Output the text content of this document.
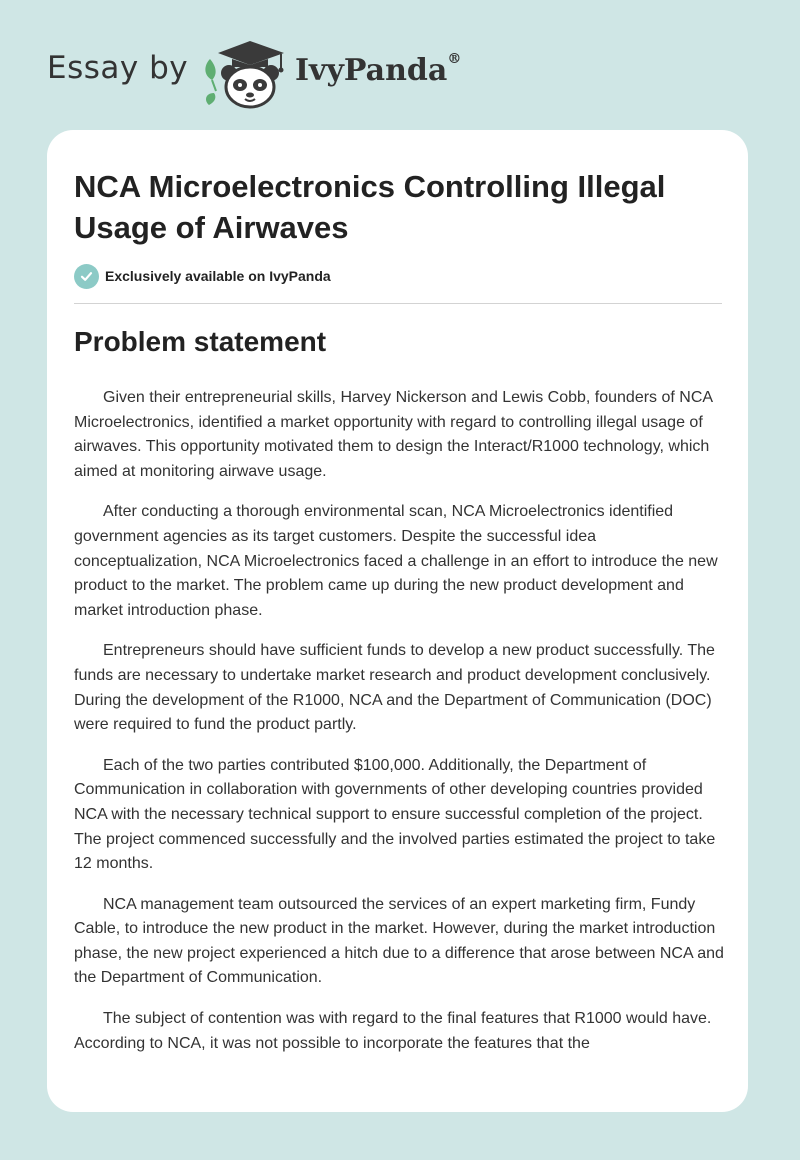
Essay by	IvyPanda®
NCA Microelectronics Controlling Illegal Usage of Airwaves
Exclusively available on IvyPanda
Problem statement

Given their entrepreneurial skills, Harvey Nickerson and Lewis Cobb, founders of NCA Microelectronics, identified a market opportunity with regard to controlling illegal usage of airwaves. This opportunity motivated them to design the Interact/R1000 technology, which aimed at monitoring airwave usage.

After conducting a thorough environmental scan, NCA Microelectronics identified government agencies as its target customers. Despite the successful idea conceptualization, NCA Microelectronics faced a challenge in an effort to introduce the new product to the market. The problem came up during the new product development and market introduction phase.

Entrepreneurs should have sufficient funds to develop a new product successfully. The funds are necessary to undertake market research and product development conclusively. During the development of the R1000, NCA and the Department of Communication (DOC) were required to fund the product partly.

Each of the two parties contributed $100,000. Additionally, the Department of Communication in collaboration with governments of other developing countries provided NCA with the necessary technical support to ensure successful completion of the project. The project commenced successfully and the involved parties estimated the project to take 12 months.

NCA management team outsourced the services of an expert marketing firm, Fundy Cable, to introduce the new product in the market. However, during the market introduction phase, the new project experienced a hitch due to a difference that arose between NCA and the Department of Communication.

The subject of contention was with regard to the final features that R1000 would have. According to NCA, it was not possible to incorporate the features that the
